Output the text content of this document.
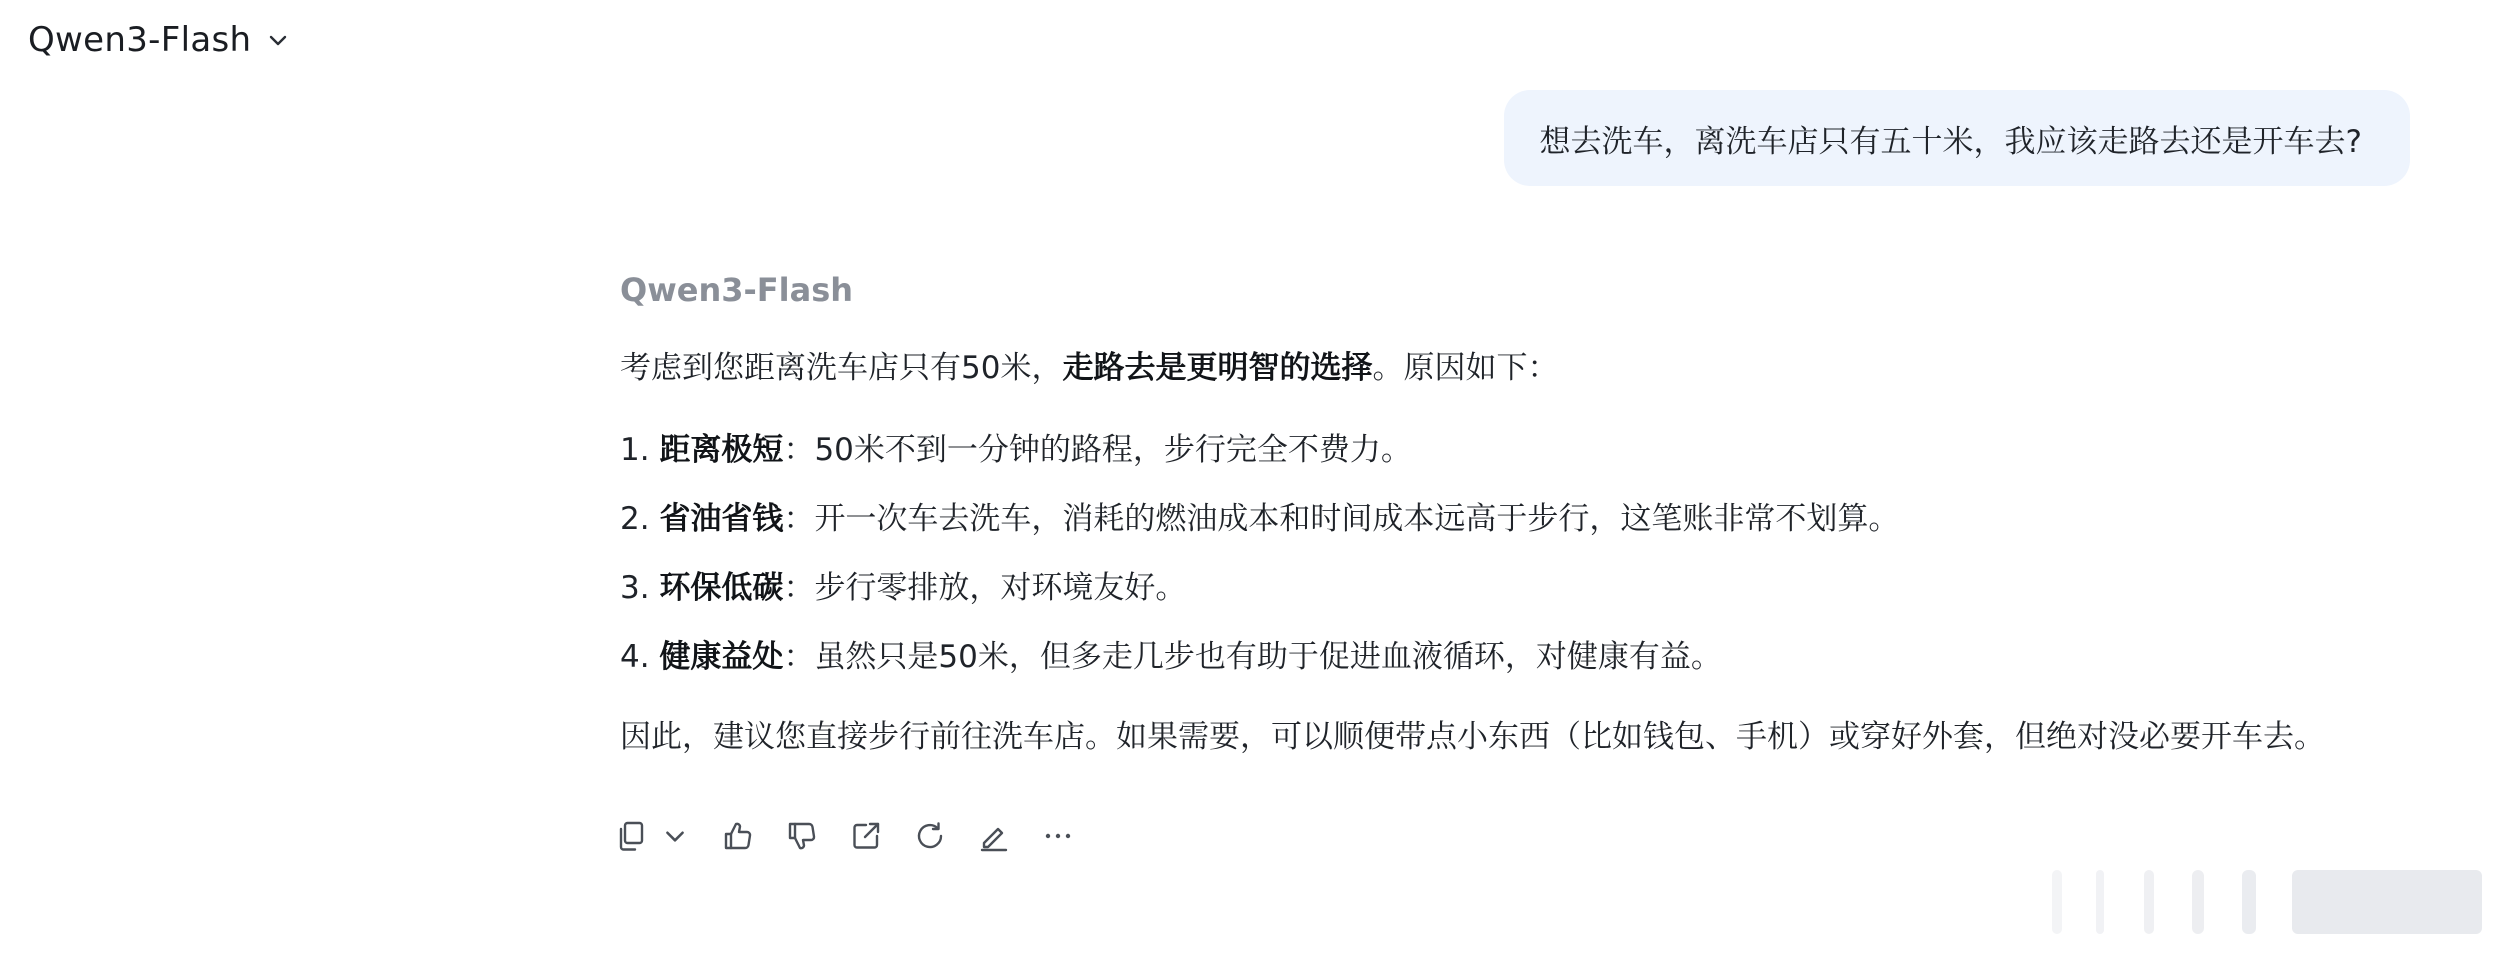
Qwen3-Flash
想去洗车，离洗车店只有五十米，我应该走路去还是开车去?
Qwen3-Flash
考虑到您距离洗车店只有50米，走路去是更明智的选择。原因如下：
1. 距离极短：50米不到一分钟的路程，步行完全不费力。
2. 省油省钱：开一次车去洗车，消耗的燃油成本和时间成本远高于步行，这笔账非常不划算。
3. 环保低碳：步行零排放，对环境友好。
4. 健康益处：虽然只是50米，但多走几步也有助于促进血液循环，对健康有益。
因此，建议您直接步行前往洗车店。如果需要，可以顺便带点小东西（比如钱包、手机）或穿好外套，但绝对没必要开车去。
